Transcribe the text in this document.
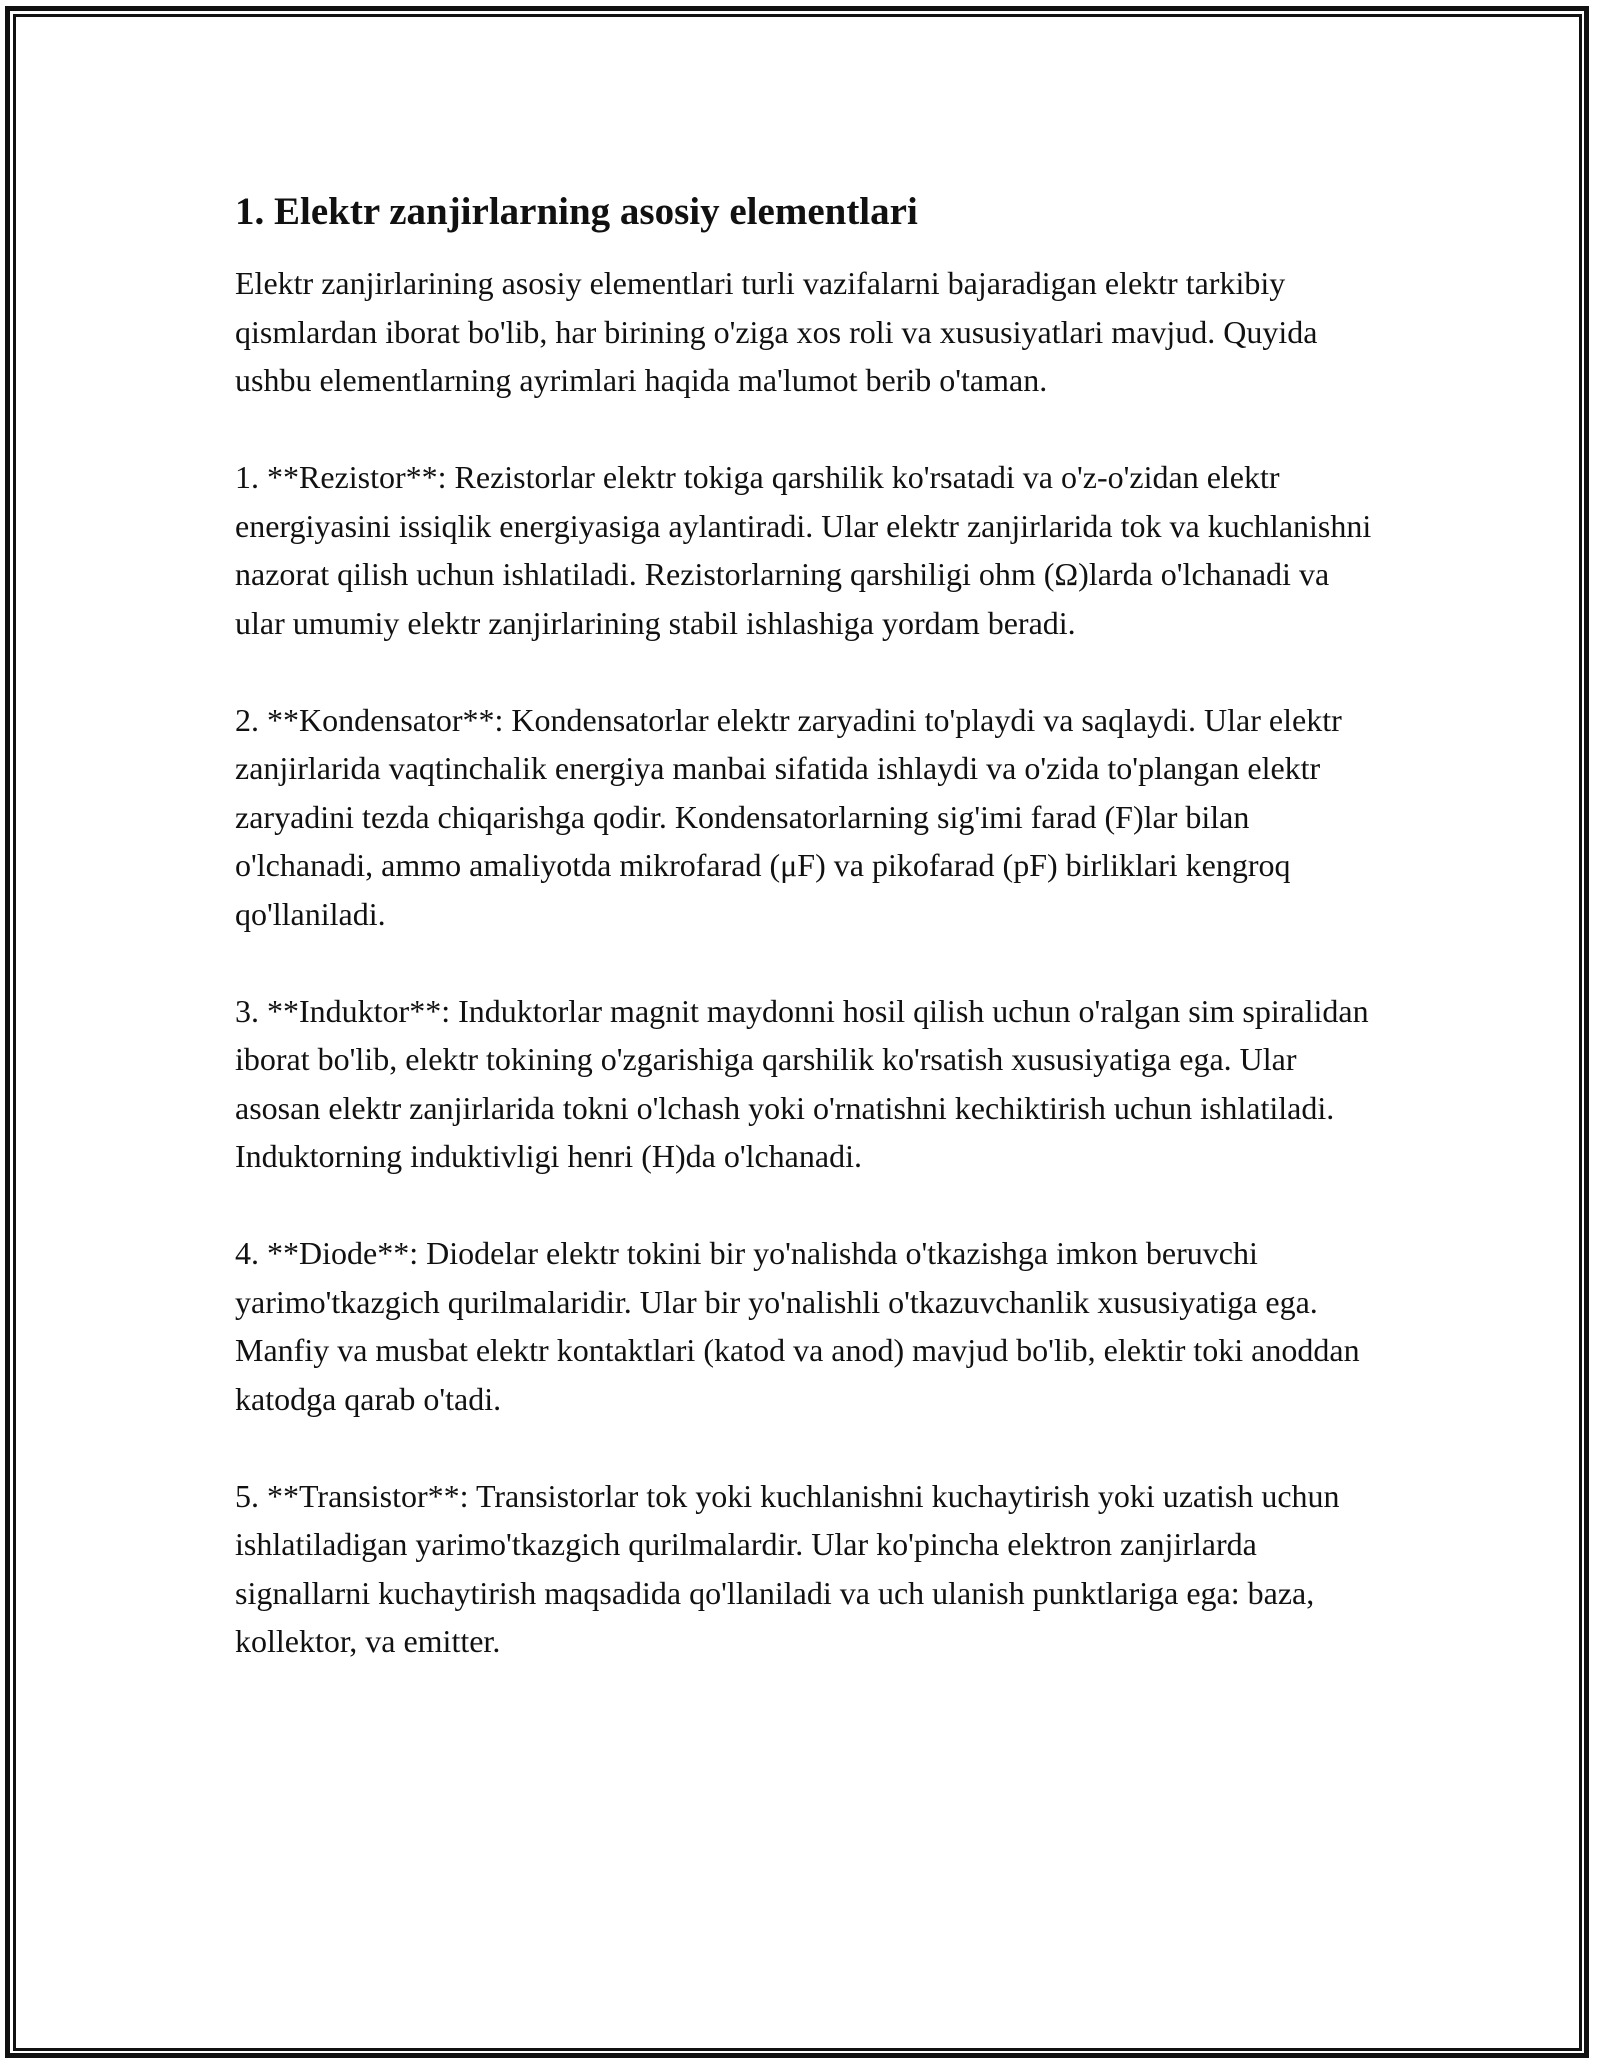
1. Elektr zanjirlarning asosiy elementlari

Elektr zanjirlarining asosiy elementlari turli vazifalarni bajaradigan elektr tarkibiy qismlardan iborat bo'lib, har birining o'ziga xos roli va xususiyatlari mavjud. Quyida ushbu elementlarning ayrimlari haqida ma'lumot berib o'taman.

1. **Rezistor**: Rezistorlar elektr tokiga qarshilik ko'rsatadi va o'z-o'zidan elektr energiyasini issiqlik energiyasiga aylantiradi. Ular elektr zanjirlarida tok va kuchlanishni nazorat qilish uchun ishlatiladi. Rezistorlarning qarshiligi ohm (Ω)larda o'lchanadi va ular umumiy elektr zanjirlarining stabil ishlashiga yordam beradi.

2. **Kondensator**: Kondensatorlar elektr zaryadini to'playdi va saqlaydi. Ular elektr zanjirlarida vaqtinchalik energiya manbai sifatida ishlaydi va o'zida to'plangan elektr zaryadini tezda chiqarishga qodir. Kondensatorlarning sig'imi farad (F)lar bilan o'lchanadi, ammo amaliyotda mikrofarad (μF) va pikofarad (pF) birliklari kengroq qo'llaniladi.

3. **Induktor**: Induktorlar magnit maydonni hosil qilish uchun o'ralgan sim spiralidan iborat bo'lib, elektr tokining o'zgarishiga qarshilik ko'rsatish xususiyatiga ega. Ular asosan elektr zanjirlarida tokni o'lchash yoki o'rnatishni kechiktirish uchun ishlatiladi. Induktorning induktivligi henri (H)da o'lchanadi.

4. **Diode**: Diodelar elektr tokini bir yo'nalishda o'tkazishga imkon beruvchi yarimo'tkazgich qurilmalaridir. Ular bir yo'nalishli o'tkazuvchanlik xususiyatiga ega. Manfiy va musbat elektr kontaktlari (katod va anod) mavjud bo'lib, elektir toki anoddan katodga qarab o'tadi.

5. **Transistor**: Transistorlar tok yoki kuchlanishni kuchaytirish yoki uzatish uchun ishlatiladigan yarimo'tkazgich qurilmalardir. Ular ko'pincha elektron zanjirlarda signallarni kuchaytirish maqsadida qo'llaniladi va uch ulanish punktlariga ega: baza, kollektor, va emitter.
